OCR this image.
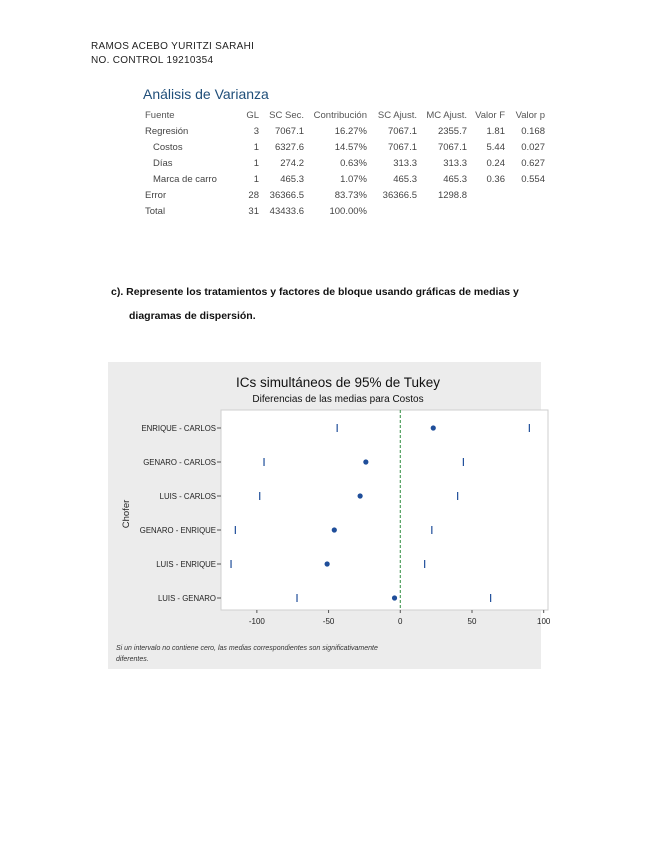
RAMOS ACEBO YURITZI SARAHI
NO. CONTROL 19210354
Análisis de Varianza
Fuente	GL	SC Sec.	Contribución	SC Ajust.	MC Ajust.	Valor F	Valor p
Regresión	3	7067.1	16.27%	7067.1	2355.7	1.81	0.168
Costos	1	6327.6	14.57%	7067.1	7067.1	5.44	0.027
Días	1	274.2	0.63%	313.3	313.3	0.24	0.627
Marca de carro	1	465.3	1.07%	465.3	465.3	0.36	0.554
Error	28	36366.5	83.73%	36366.5	1298.8		
Total	31	43433.6	100.00%				
c). Represente los tratamientos y factores de bloque usando gráficas de medias y
diagramas de dispersión.
ICs simultáneos de 95% de Tukey
Diferencias de las medias para Costos
Chofer
-100	-50	0	50	100
ENRIQUE - CARLOS
GENARO - CARLOS
LUIS - CARLOS
GENARO - ENRIQUE
LUIS - ENRIQUE
LUIS - GENARO
Si un intervalo no contiene cero, las medias correspondientes son significativamente
diferentes.
